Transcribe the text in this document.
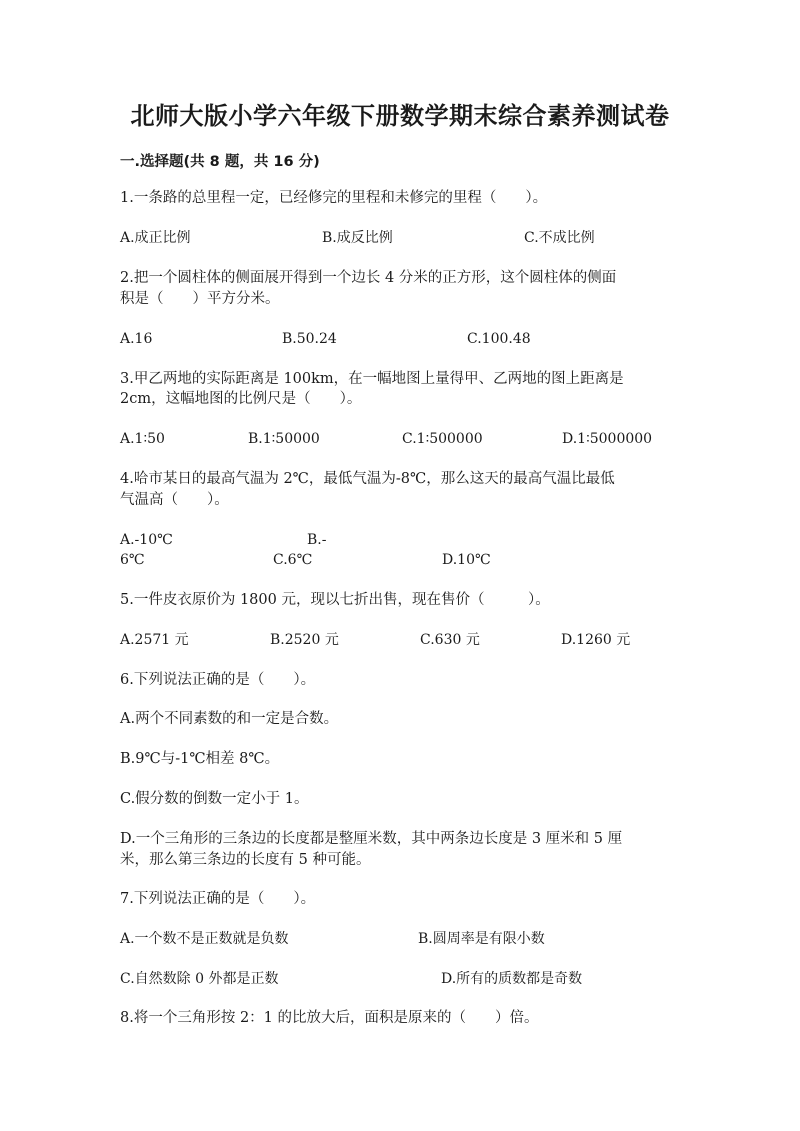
北师大版小学六年级下册数学期末综合素养测试卷
一.选择题(共 8 题，共 16 分)
1.一条路的总里程一定，已经修完的里程和未修完的里程（　　）。
A.成正比例	B.成反比例	C.不成比例
2.把一个圆柱体的侧面展开得到一个边长 4 分米的正方形，这个圆柱体的侧面
积是（　　）平方分米。
A.16	B.50.24	C.100.48
3.甲乙两地的实际距离是 100km，在一幅地图上量得甲、乙两地的图上距离是
2cm，这幅地图的比例尺是（　　）。
A.1∶50	B.1∶50000	C.1∶500000	D.1∶5000000
4.哈市某日的最高气温为 2℃，最低气温为-8℃，那么这天的最高气温比最低
气温高（　　）。
A.-10℃	B.-
6℃	C.6℃	D.10℃
5.一件皮衣原价为 1800 元，现以七折出售，现在售价（　　　）。
A.2571 元	B.2520 元	C.630 元	D.1260 元
6.下列说法正确的是（　　）。
A.两个不同素数的和一定是合数。
B.9℃与-1℃相差 8℃。
C.假分数的倒数一定小于 1。
D.一个三角形的三条边的长度都是整厘米数，其中两条边长度是 3 厘米和 5 厘
米，那么第三条边的长度有 5 种可能。
7.下列说法正确的是（　　）。
A.一个数不是正数就是负数	B.圆周率是有限小数
C.自然数除 0 外都是正数	D.所有的质数都是奇数
8.将一个三角形按 2：1 的比放大后，面积是原来的（　　）倍。
